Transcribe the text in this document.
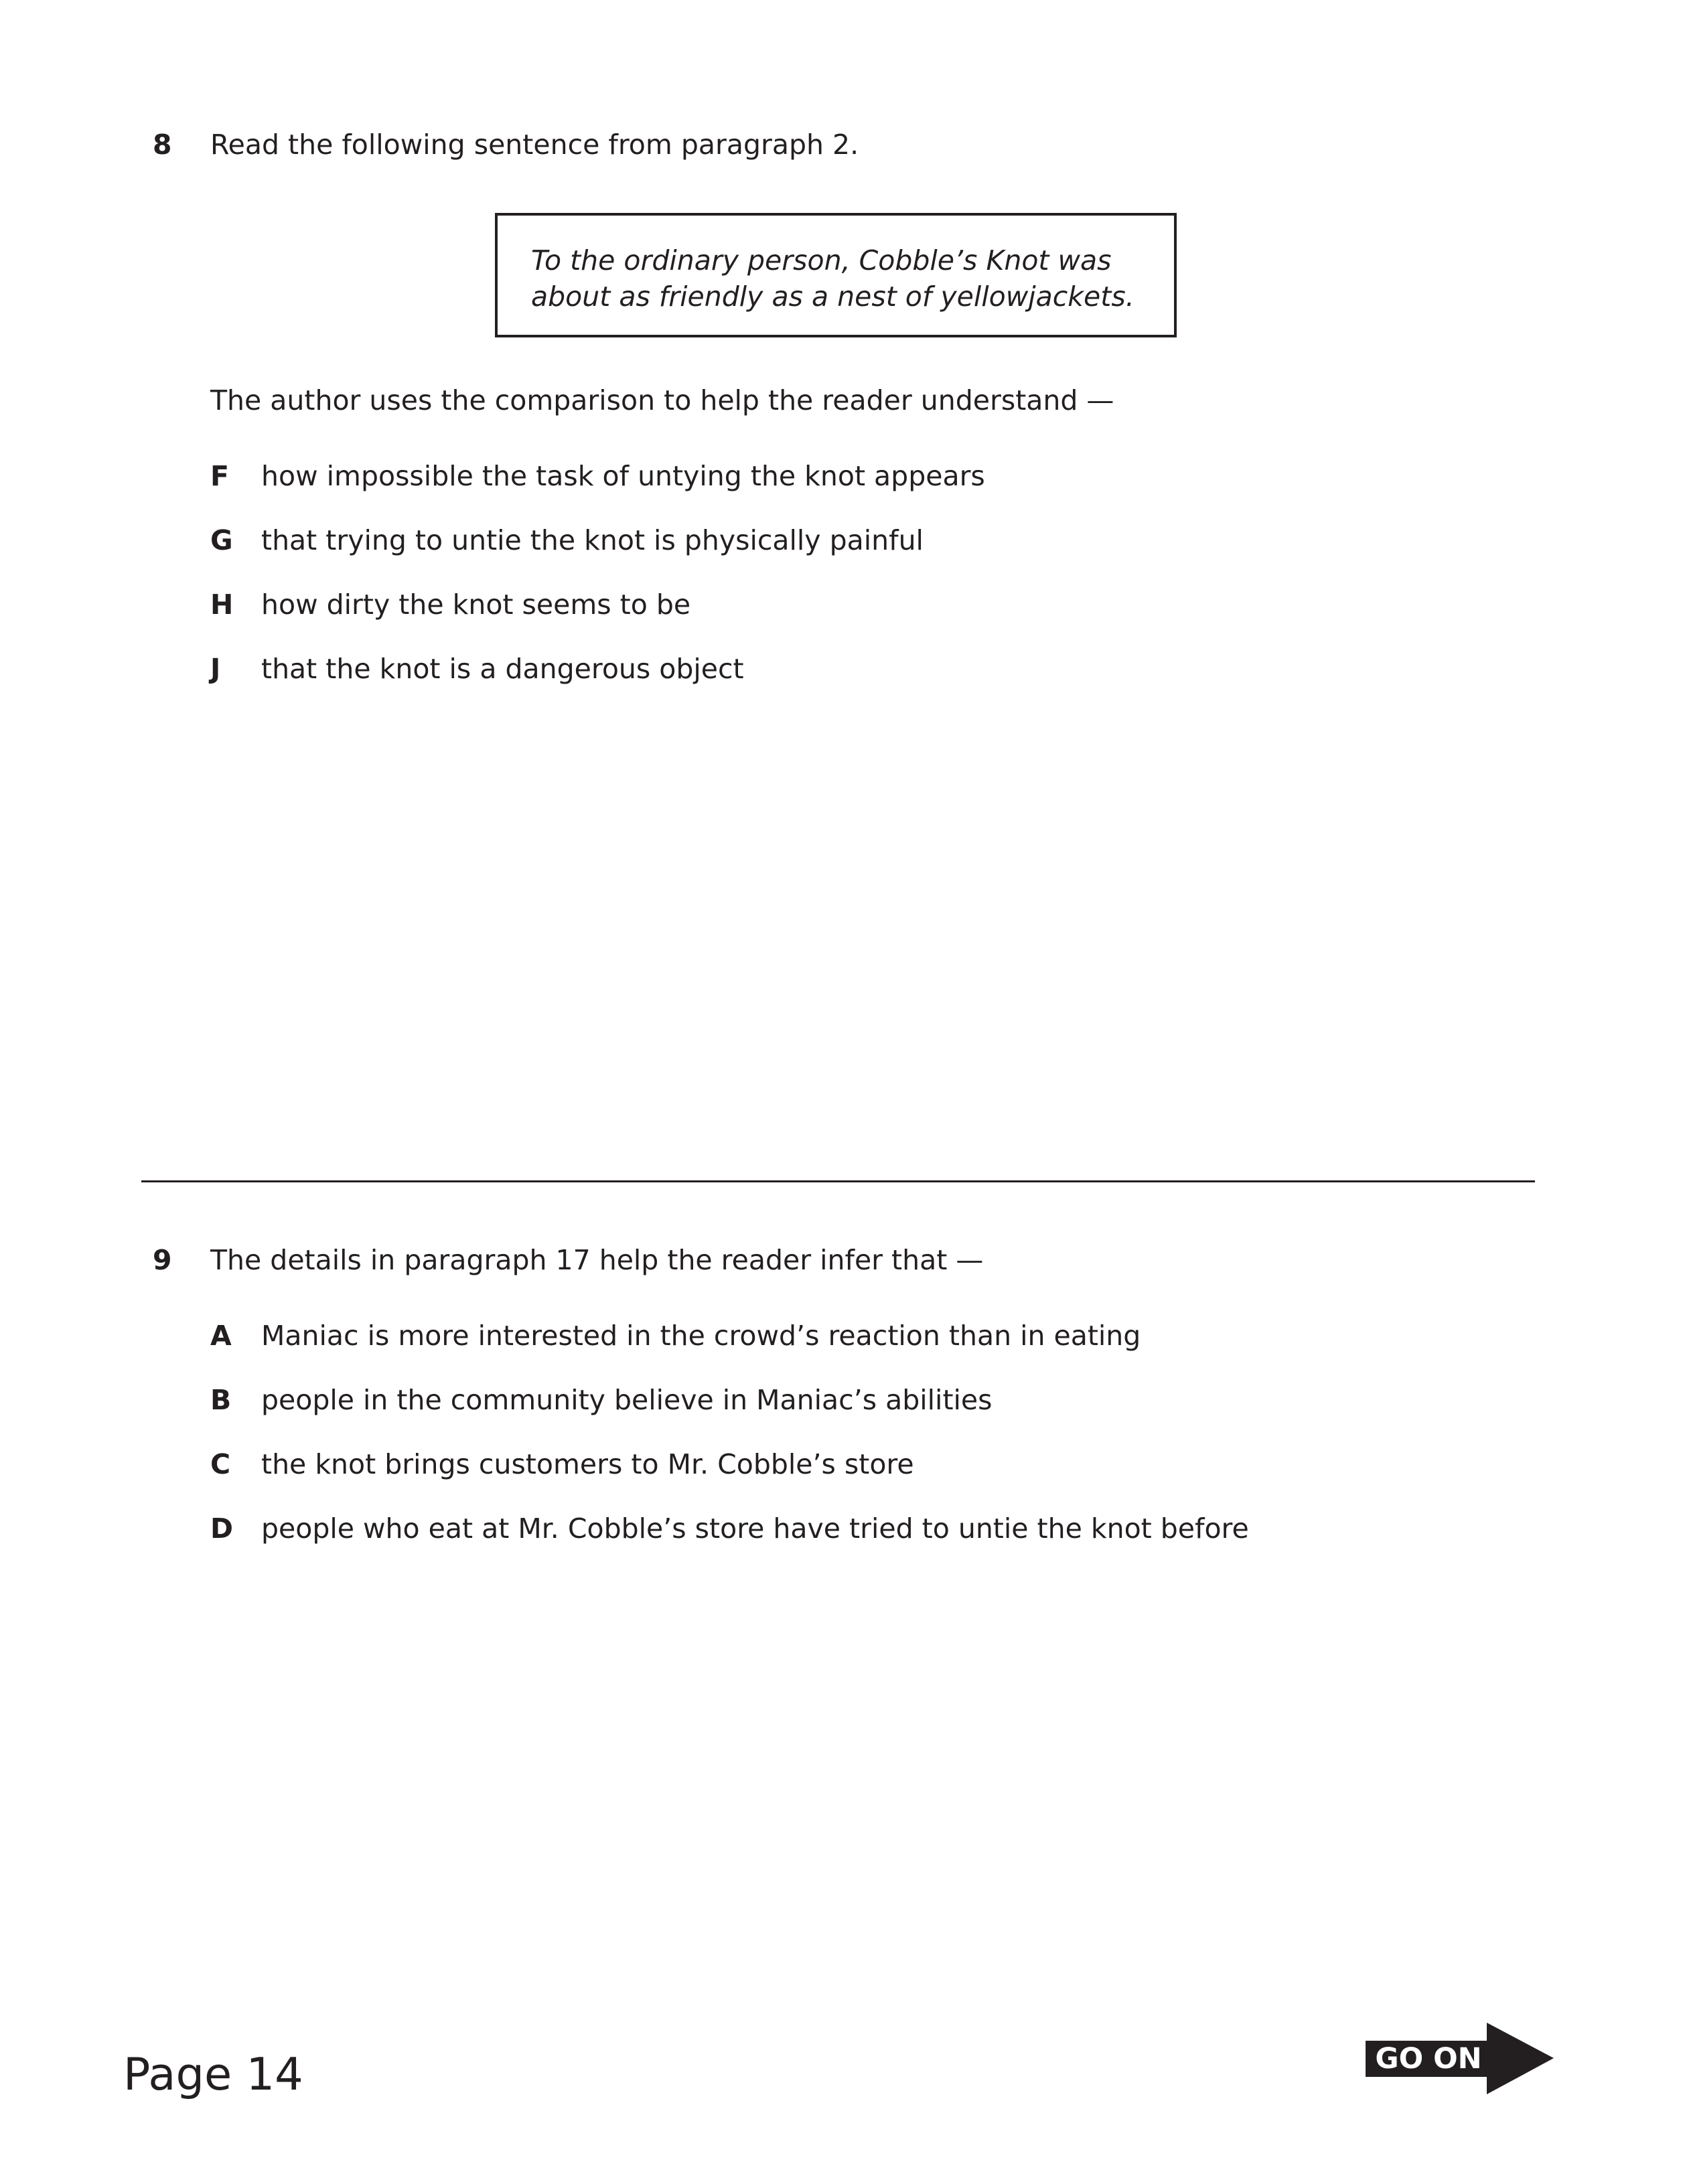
8 Read the following sentence from paragraph 2.
To the ordinary person, Cobble’s Knot was
about as friendly as a nest of yellowjackets.
The author uses the comparison to help the reader understand —
F how impossible the task of untying the knot appears
G that trying to untie the knot is physically painful
H how dirty the knot seems to be
J that the knot is a dangerous object
9 The details in paragraph 17 help the reader infer that —
A Maniac is more interested in the crowd’s reaction than in eating
B people in the community believe in Maniac’s abilities
C the knot brings customers to Mr. Cobble’s store
D people who eat at Mr. Cobble’s store have tried to untie the knot before
Page 14	GO ON
